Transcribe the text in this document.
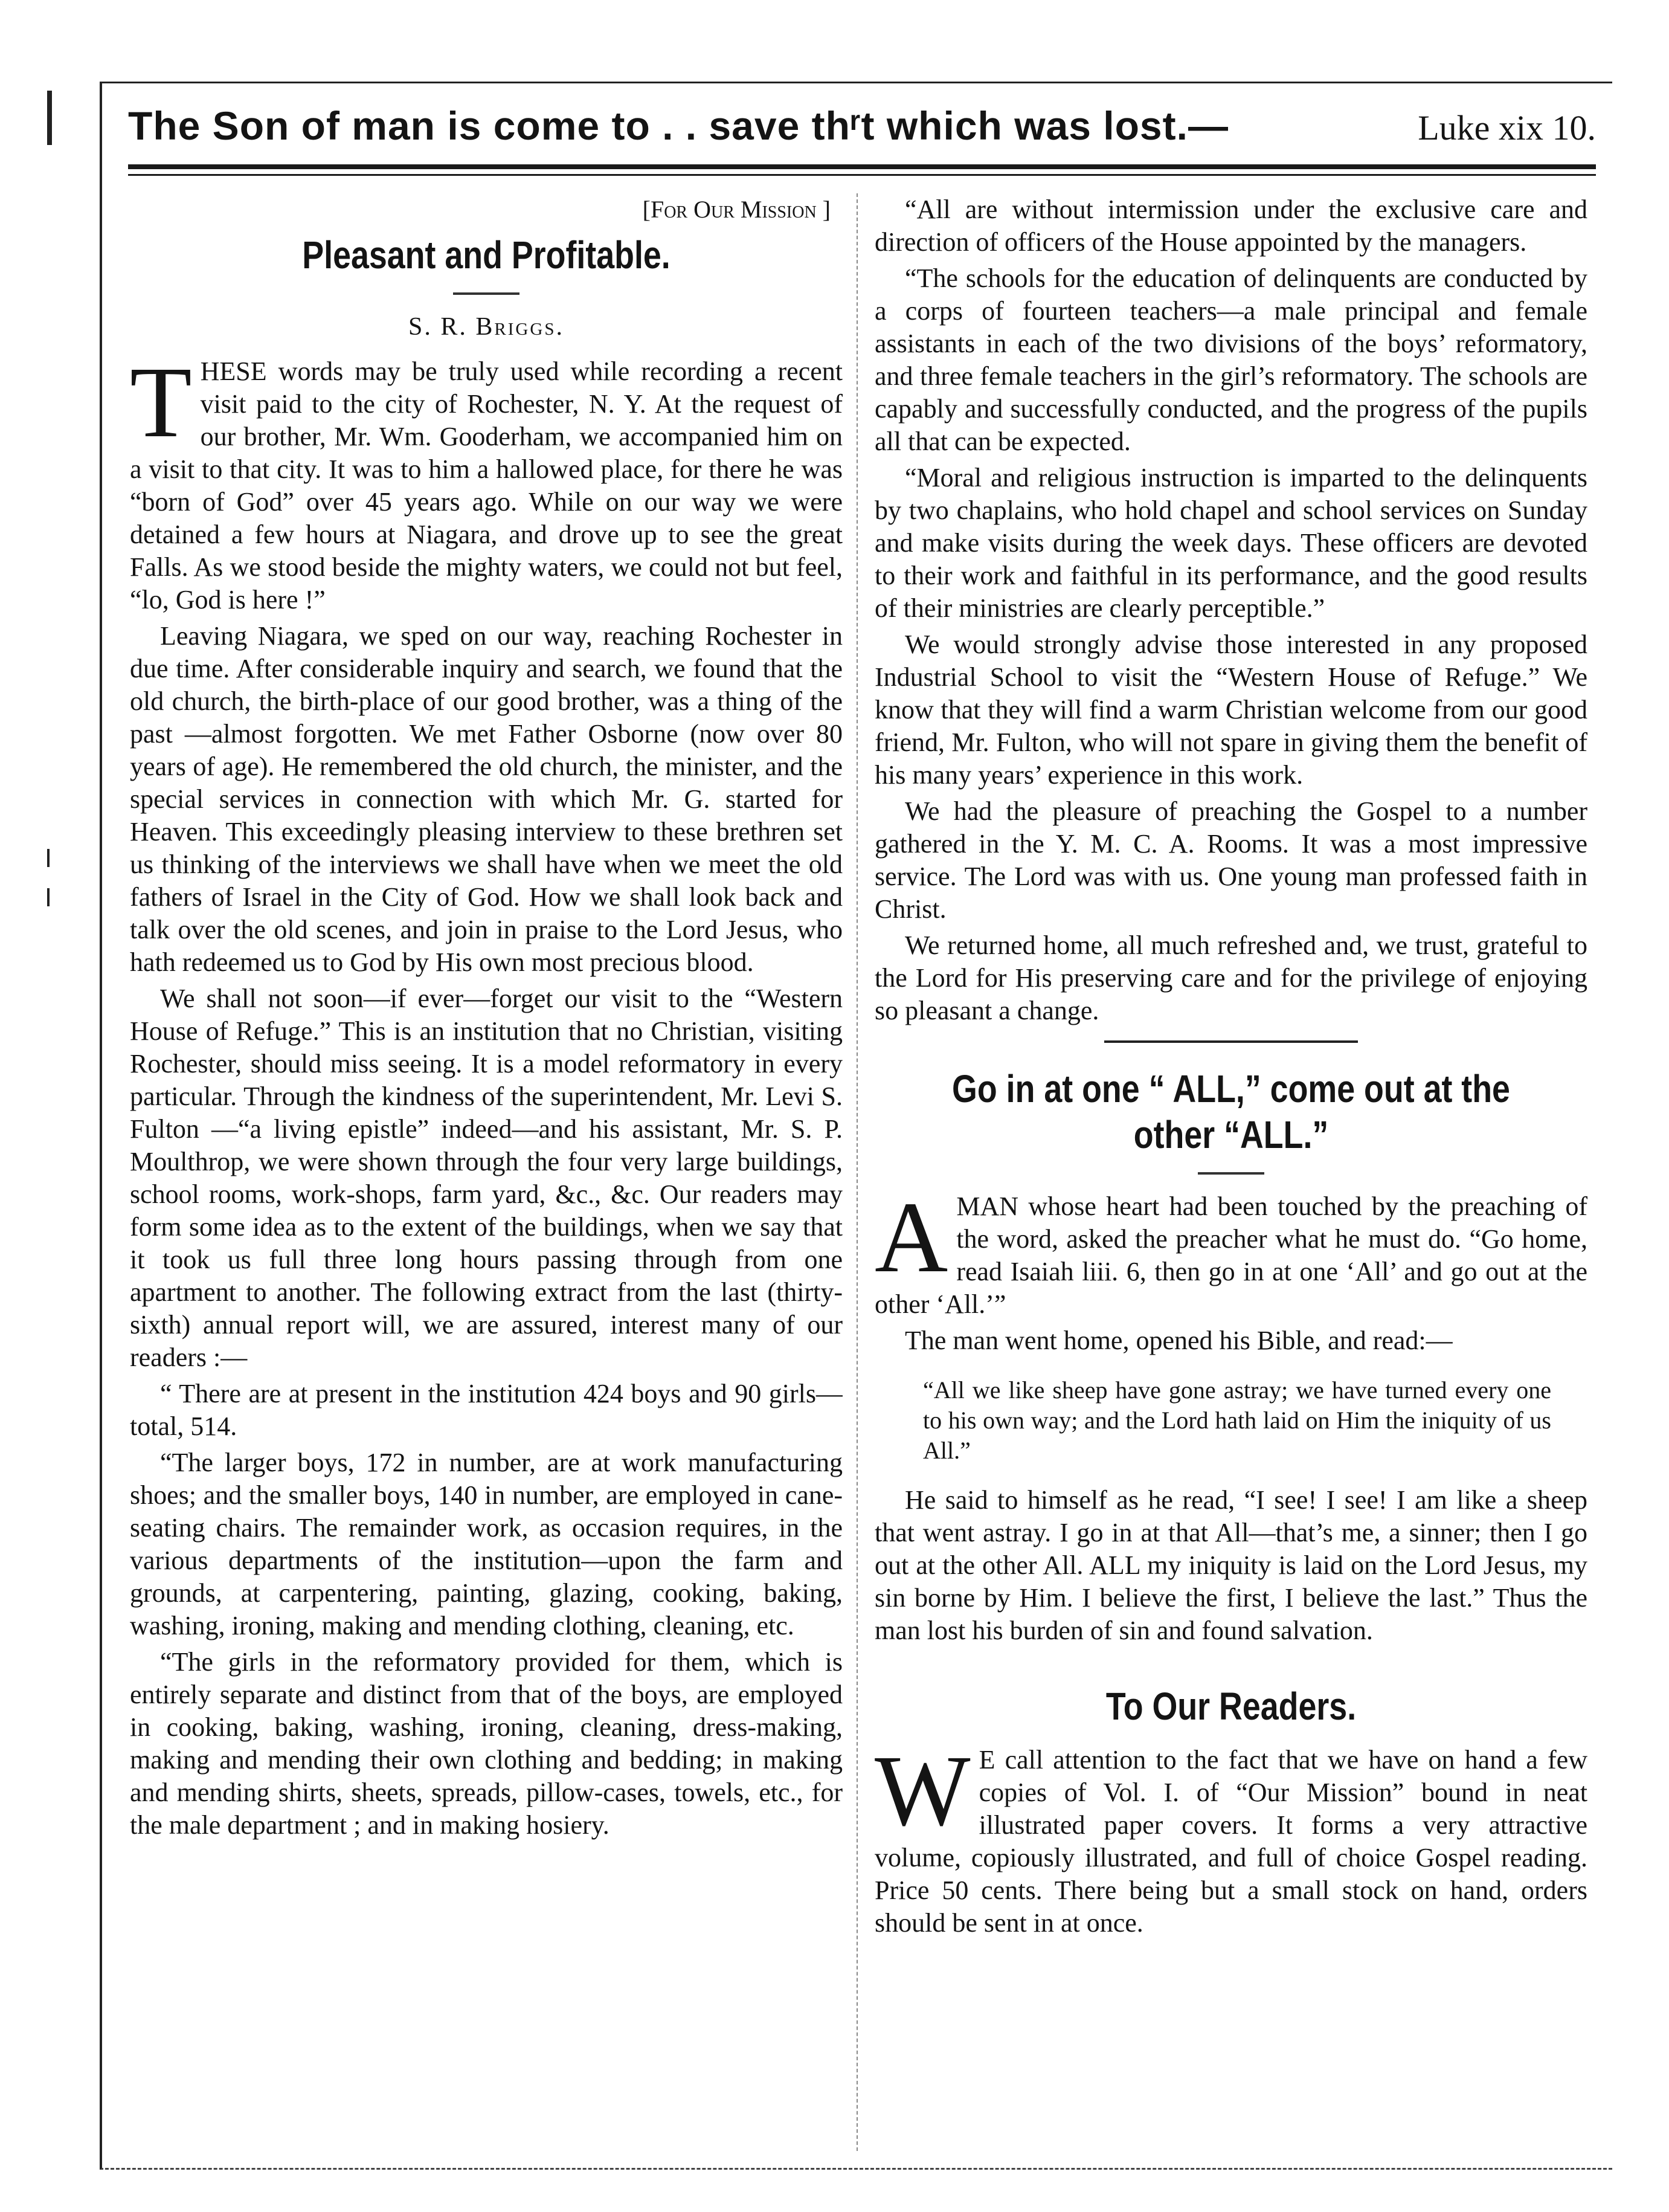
The Son of man is come to . . save thʳt which was lost.—	Luke xix 10.
[For Our Mission ]
Pleasant and Profitable.
S. R. Briggs.

THESE words may be truly used while recording a recent visit paid to the city of Rochester, N. Y. At the request of our brother, Mr. Wm. Gooderham, we accompanied him on a visit to that city. It was to him a hallowed place, for there he was “born of God” over 45 years ago. While on our way we were detained a few hours at Niagara, and drove up to see the great Falls. As we stood beside the mighty waters, we could not but feel, “lo, God is here !”

Leaving Niagara, we sped on our way, reaching Rochester in due time. After considerable inquiry and search, we found that the old church, the birth-place of our good brother, was a thing of the past —almost forgotten. We met Father Osborne (now over 80 years of age). He remembered the old church, the minister, and the special services in connection with which Mr. G. started for Heaven. This exceedingly pleasing interview to these brethren set us thinking of the interviews we shall have when we meet the old fathers of Israel in the City of God. How we shall look back and talk over the old scenes, and join in praise to the Lord Jesus, who hath redeemed us to God by His own most precious blood.

We shall not soon—if ever—forget our visit to the “Western House of Refuge.” This is an institution that no Christian, visiting Rochester, should miss seeing. It is a model reformatory in every particular. Through the kindness of the superintendent, Mr. Levi S. Fulton —“a living epistle” indeed—and his assistant, Mr. S. P. Moulthrop, we were shown through the four very large buildings, school rooms, work-shops, farm yard, &c., &c. Our readers may form some idea as to the extent of the buildings, when we say that it took us full three long hours passing through from one apartment to another. The following extract from the last (thirty-sixth) annual report will, we are assured, interest many of our readers :—

“ There are at present in the institution 424 boys and 90 girls—total, 514.

“The larger boys, 172 in number, are at work manufacturing shoes; and the smaller boys, 140 in number, are employed in cane-seating chairs. The remainder work, as occasion requires, in the various departments of the institution—upon the farm and grounds, at carpentering, painting, glazing, cooking, baking, washing, ironing, making and mending clothing, cleaning, etc.

“The girls in the reformatory provided for them, which is entirely separate and distinct from that of the boys, are employed in cooking, baking, washing, ironing, cleaning, dress-making, making and mending their own clothing and bedding; in making and mending shirts, sheets, spreads, pillow-cases, towels, etc., for the male department ; and in making hosiery.

“All are without intermission under the exclusive care and direction of officers of the House appointed by the managers.

“The schools for the education of delinquents are conducted by a corps of fourteen teachers—a male principal and female assistants in each of the two divisions of the boys’ reformatory, and three female teachers in the girl’s reformatory. The schools are capably and successfully conducted, and the progress of the pupils all that can be expected.

“Moral and religious instruction is imparted to the delinquents by two chaplains, who hold chapel and school services on Sunday and make visits during the week days. These officers are devoted to their work and faithful in its performance, and the good results of their ministries are clearly perceptible.”

We would strongly advise those interested in any proposed Industrial School to visit the “Western House of Refuge.” We know that they will find a warm Christian welcome from our good friend, Mr. Fulton, who will not spare in giving them the benefit of his many years’ experience in this work.

We had the pleasure of preaching the Gospel to a number gathered in the Y. M. C. A. Rooms. It was a most impressive service. The Lord was with us. One young man professed faith in Christ.

We returned home, all much refreshed and, we trust, grateful to the Lord for His preserving care and for the privilege of enjoying so pleasant a change.

Go in at one “ ALL,” come out at the other “ALL.”

AMAN whose heart had been touched by the preaching of the word, asked the preacher what he must do. “Go home, read Isaiah liii. 6, then go in at one ‘All’ and go out at the other ‘All.’”

The man went home, opened his Bible, and read:—

“All we like sheep have gone astray; we have turned every one to his own way; and the Lord hath laid on Him the iniquity of us All.”

He said to himself as he read, “I see! I see! I am like a sheep that went astray. I go in at that All—that’s me, a sinner; then I go out at the other All. ALL my iniquity is laid on the Lord Jesus, my sin borne by Him. I believe the first, I believe the last.” Thus the man lost his burden of sin and found salvation.

To Our Readers.

W E call attention to the fact that we have on hand a few copies of Vol. I. of “Our Mission” bound in neat illustrated paper covers. It forms a very attractive volume, copiously illustrated, and full of choice Gospel reading. Price 50 cents. There being but a small stock on hand, orders should be sent in at once.
